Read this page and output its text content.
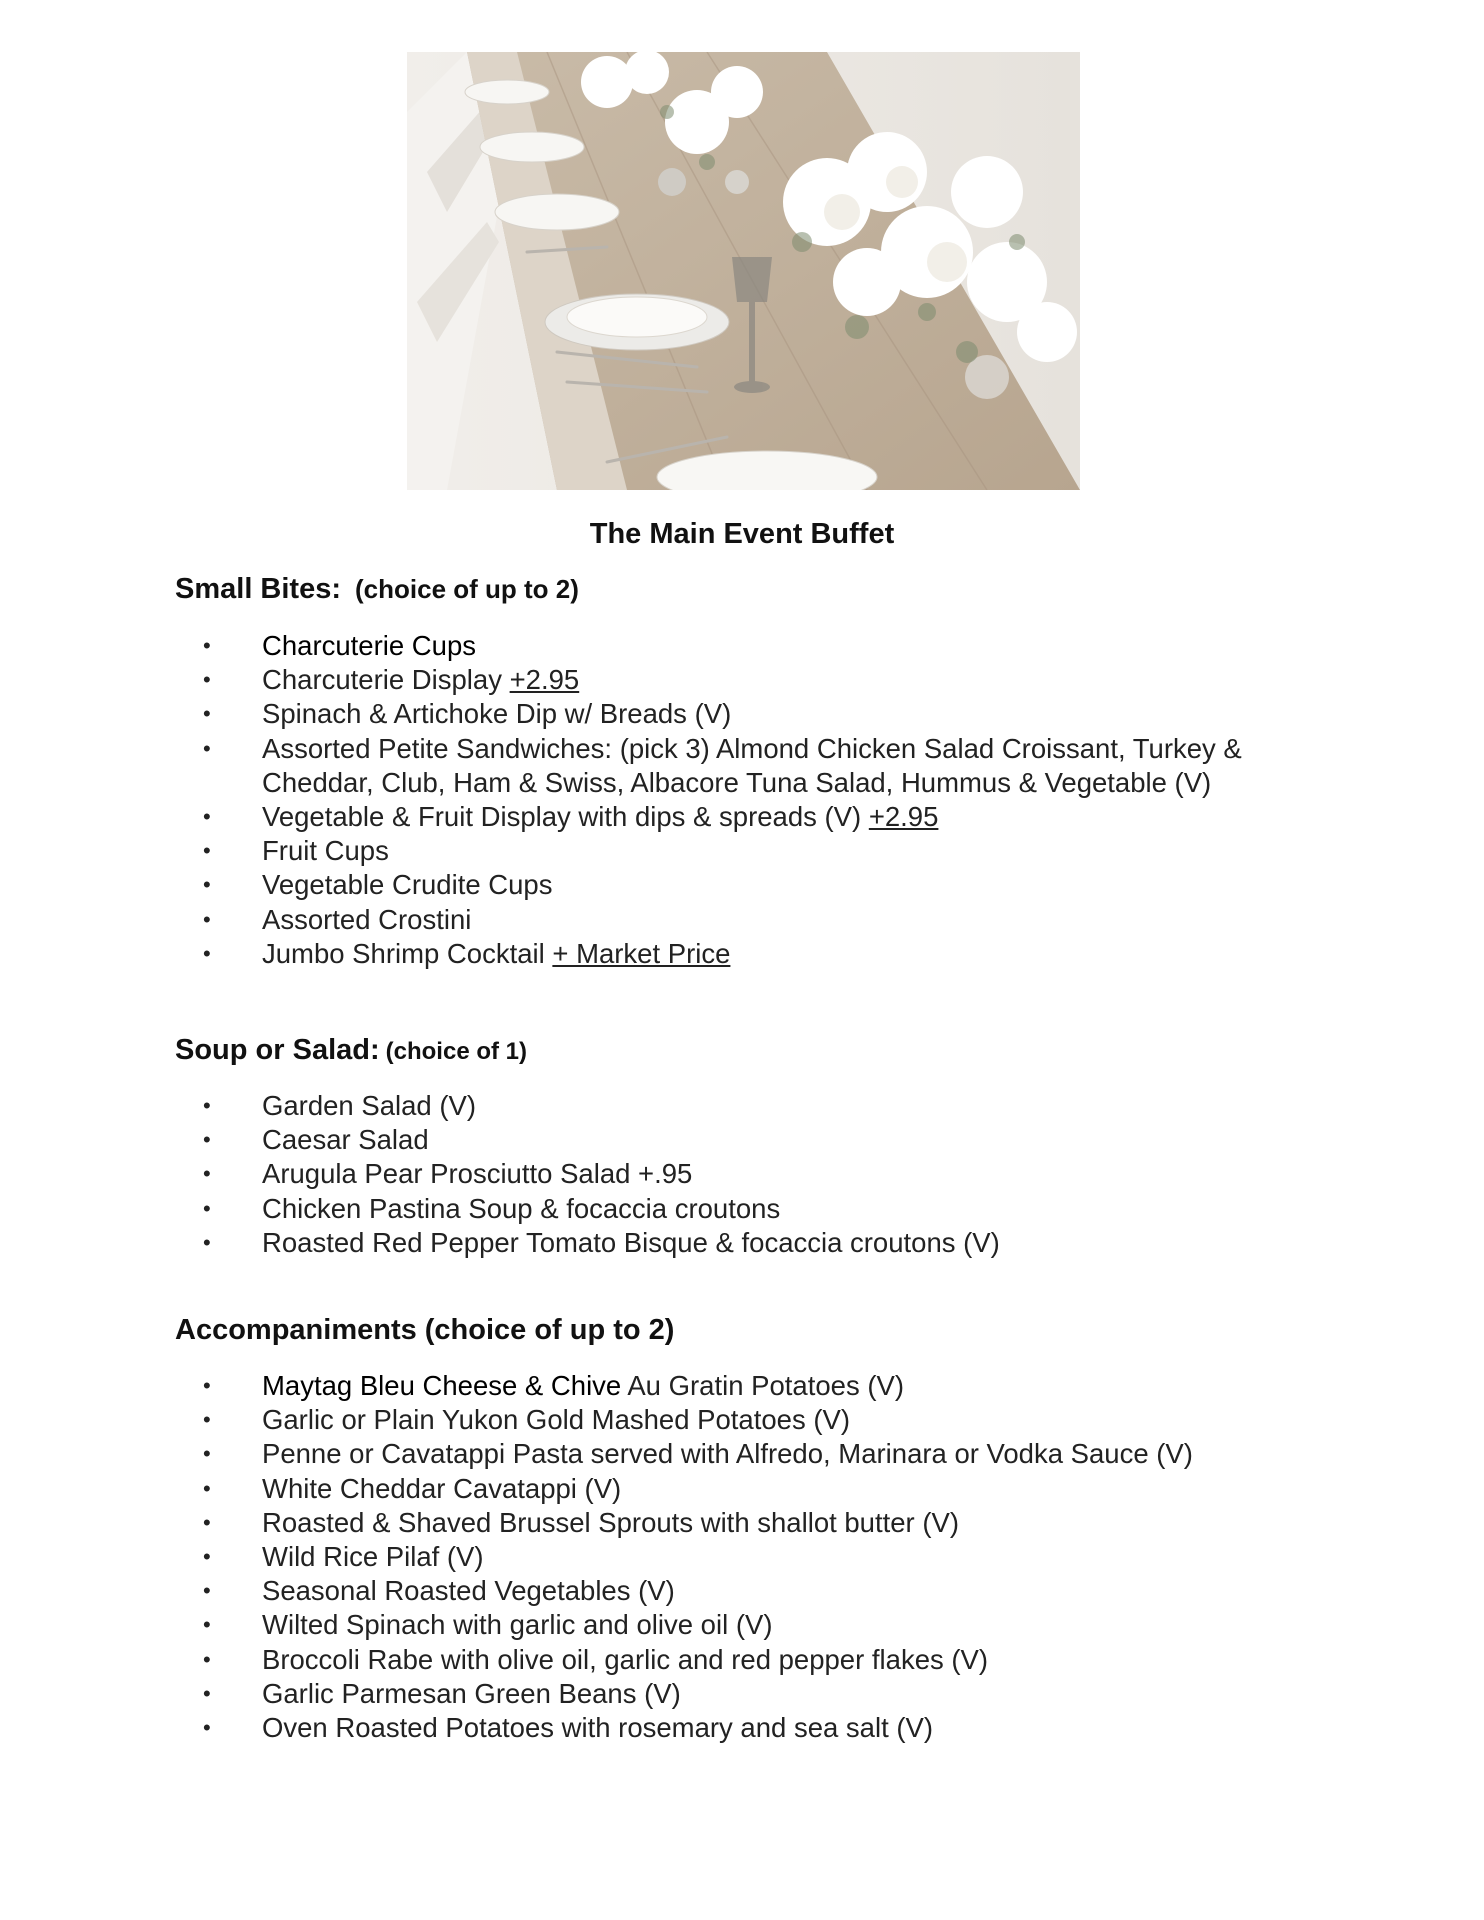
The Main Event Buffet
Small Bites: (choice of up to 2)
• Charcuterie Cups
• Charcuterie Display +2.95
• Spinach & Artichoke Dip w/ Breads (V)
• Assorted Petite Sandwiches: (pick 3) Almond Chicken Salad Croissant, Turkey &
Cheddar, Club, Ham & Swiss, Albacore Tuna Salad, Hummus & Vegetable (V)
• Vegetable & Fruit Display with dips & spreads (V) +2.95
• Fruit Cups
• Vegetable Crudite Cups
• Assorted Crostini
• Jumbo Shrimp Cocktail + Market Price
Soup or Salad: (choice of 1)
• Garden Salad (V)
• Caesar Salad
• Arugula Pear Prosciutto Salad +.95
• Chicken Pastina Soup & focaccia croutons
• Roasted Red Pepper Tomato Bisque & focaccia croutons (V)
Accompaniments (choice of up to 2)
• Maytag Bleu Cheese & Chive Au Gratin Potatoes (V)
• Garlic or Plain Yukon Gold Mashed Potatoes (V)
• Penne or Cavatappi Pasta served with Alfredo, Marinara or Vodka Sauce (V)
• White Cheddar Cavatappi (V)
• Roasted & Shaved Brussel Sprouts with shallot butter (V)
• Wild Rice Pilaf (V)
• Seasonal Roasted Vegetables (V)
• Wilted Spinach with garlic and olive oil (V)
• Broccoli Rabe with olive oil, garlic and red pepper flakes (V)
• Garlic Parmesan Green Beans (V)
• Oven Roasted Potatoes with rosemary and sea salt (V)
